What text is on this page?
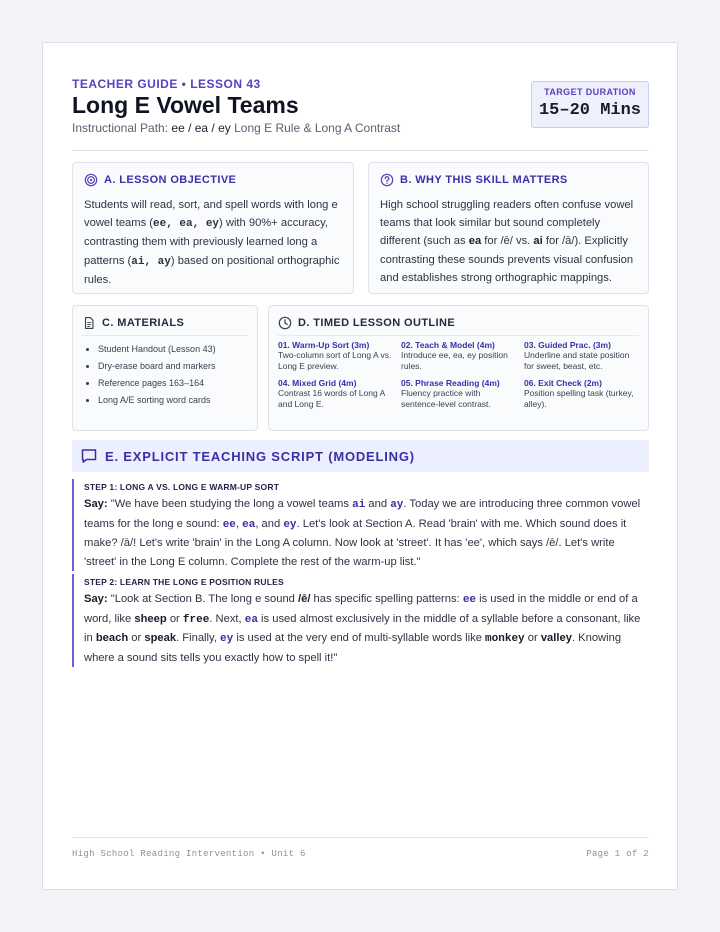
TEACHER GUIDE • LESSON 43
Long E Vowel Teams
Instructional Path: ee / ea / ey Long E Rule & Long A Contrast
TARGET DURATION
15–20 Mins
A. LESSON OBJECTIVE
Students will read, sort, and spell words with long e vowel teams (ee, ea, ey) with 90%+ accuracy, contrasting them with previously learned long a patterns (ai, ay) based on positional orthographic rules.
B. WHY THIS SKILL MATTERS
High school struggling readers often confuse vowel teams that look similar but sound completely different (such as ea for /ē/ vs. ai for /ā/). Explicitly contrasting these sounds prevents visual confusion and establishes strong orthographic mappings.
C. MATERIALS
• Student Handout (Lesson 43)
• Dry-erase board and markers
• Reference pages 163–164
• Long A/E sorting word cards
D. TIMED LESSON OUTLINE
01. Warm-Up Sort (3m)
Two-column sort of Long A vs. Long E preview.
02. Teach & Model (4m)
Introduce ee, ea, ey position rules.
03. Guided Prac. (3m)
Underline and state position for sweet, beast, etc.
04. Mixed Grid (4m)
Contrast 16 words of Long A and Long E.
05. Phrase Reading (4m)
Fluency practice with sentence-level contrast.
06. Exit Check (2m)
Position spelling task (turkey, alley).
E. EXPLICIT TEACHING SCRIPT (MODELING)
STEP 1: LONG A VS. LONG E WARM-UP SORT
Say: "We have been studying the long a vowel teams ai and ay. Today we are introducing three common vowel teams for the long e sound: ee, ea, and ey. Let's look at Section A. Read 'brain' with me. Which sound does it make? /ā/! Let's write 'brain' in the Long A column. Now look at 'street'. It has 'ee', which says /ē/. Let's write 'street' in the Long E column. Complete the rest of the warm-up list."
STEP 2: LEARN THE LONG E POSITION RULES
Say: "Look at Section B. The long e sound /ē/ has specific spelling patterns: ee is used in the middle or end of a word, like sheep or free. Next, ea is used almost exclusively in the middle of a syllable before a consonant, like in beach or speak. Finally, ey is used at the very end of multi-syllable words like monkey or valley. Knowing where a sound sits tells you exactly how to spell it!"
High School Reading Intervention • Unit 6	Page 1 of 2
